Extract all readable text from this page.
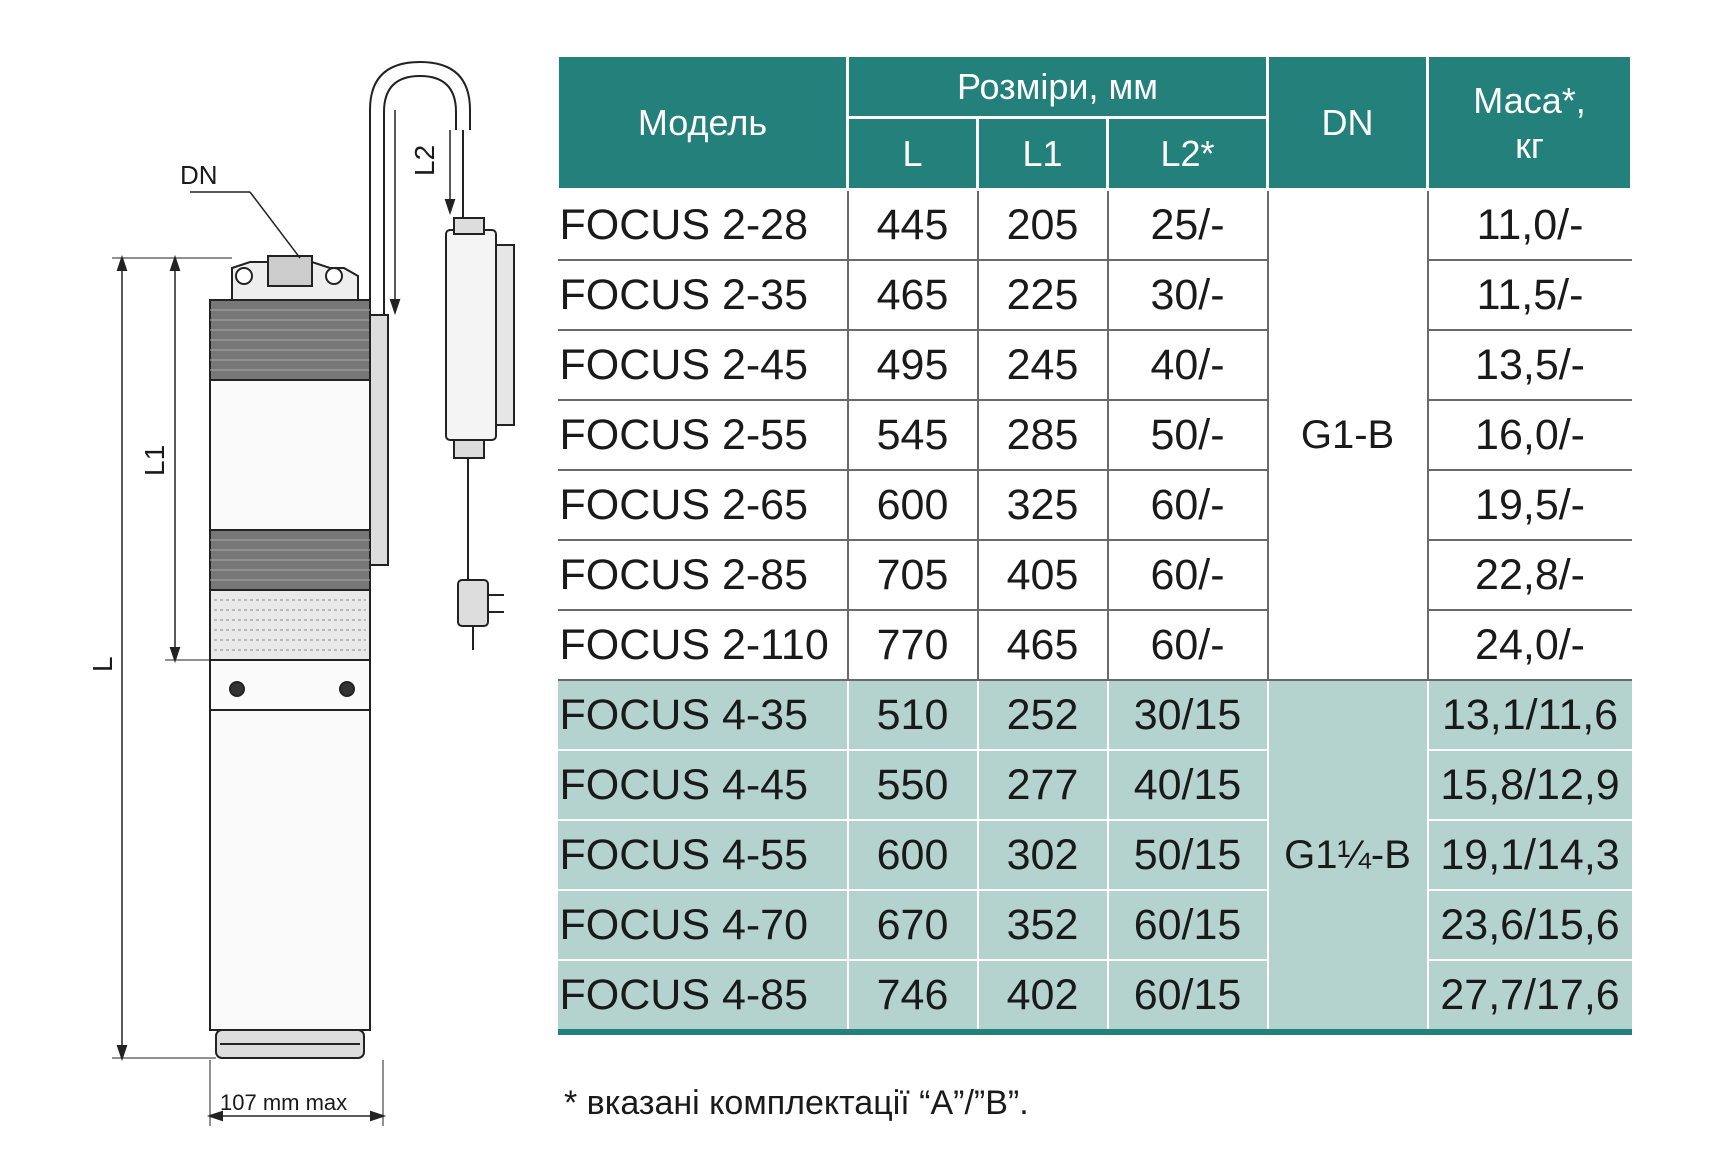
DN
L
L1
L2
107 mm max
Модель	Розміри, мм			DN	Маса*,
кг
	L	L1	L2*		
FOCUS 2-28	445	205	25/-	G1-B	11,0/-
FOCUS 2-35	465	225	30/-		11,5/-
FOCUS 2-45	495	245	40/-		13,5/-
FOCUS 2-55	545	285	50/-		16,0/-
FOCUS 2-65	600	325	60/-		19,5/-
FOCUS 2-85	705	405	60/-		22,8/-
FOCUS 2-110	770	465	60/-		24,0/-
FOCUS 4-35	510	252	30/15	G1¼-B	13,1/11,6
FOCUS 4-45	550	277	40/15		15,8/12,9
FOCUS 4-55	600	302	50/15		19,1/14,3
FOCUS 4-70	670	352	60/15		23,6/15,6
FOCUS 4-85	746	402	60/15		27,7/17,6
* вказані комплектації “А”/”В”.
